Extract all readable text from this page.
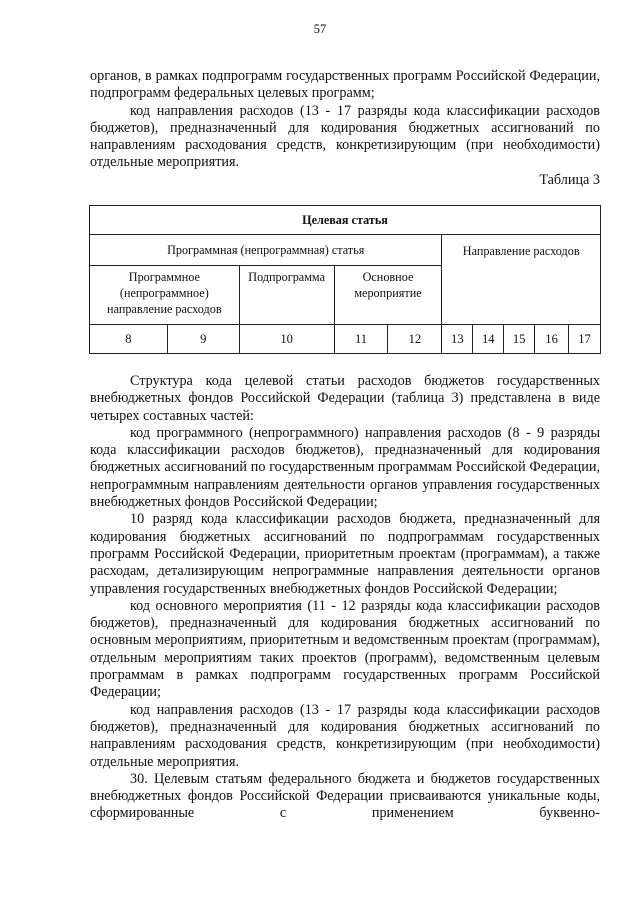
57
органов, в рамках подпрограмм государственных программ Российской Федерации, подпрограмм федеральных целевых программ;
код направления расходов (13 - 17 разряды кода классификации расходов бюджетов), предназначенный для кодирования бюджетных ассигнований по направлениям расходования средств, конкретизирующим (при необходимости) отдельные мероприятия.
Таблица 3
Целевая статья									
Программная (непрограммная) статья					Направление расходов				
Программное (непрограммное) направление расходов		Подпрограмма	Основное мероприятие						
8	9	10	11	12	13	14	15	16	17
Структура кода целевой статьи расходов бюджетов государственных внебюджетных фондов Российской Федерации (таблица 3) представлена в виде четырех составных частей:
код программного (непрограммного) направления расходов (8 - 9 разряды кода классификации расходов бюджетов), предназначенный для кодирования бюджетных ассигнований по государственным программам Российской Федерации, непрограммным направлениям деятельности органов управления государственных внебюджетных фондов Российской Федерации;
10 разряд кода классификации расходов бюджета, предназначенный для кодирования бюджетных ассигнований по подпрограммам государственных программ Российской Федерации, приоритетным проектам (программам), а также расходам, детализирующим непрограммные направления деятельности органов управления государственных внебюджетных фондов Российской Федерации;
код основного мероприятия (11 - 12 разряды кода классификации расходов бюджетов), предназначенный для кодирования бюджетных ассигнований по основным мероприятиям, приоритетным и ведомственным проектам (программам), отдельным мероприятиям таких проектов (программ), ведомственным целевым программам в рамках подпрограмм государственных программ Российской Федерации;
код направления расходов (13 - 17 разряды кода классификации расходов бюджетов), предназначенный для кодирования бюджетных ассигнований по направлениям расходования средств, конкретизирующим (при необходимости) отдельные мероприятия.
30. Целевым статьям федерального бюджета и бюджетов государственных внебюджетных фондов Российской Федерации присваиваются уникальные коды, сформированные с применением буквенно-
